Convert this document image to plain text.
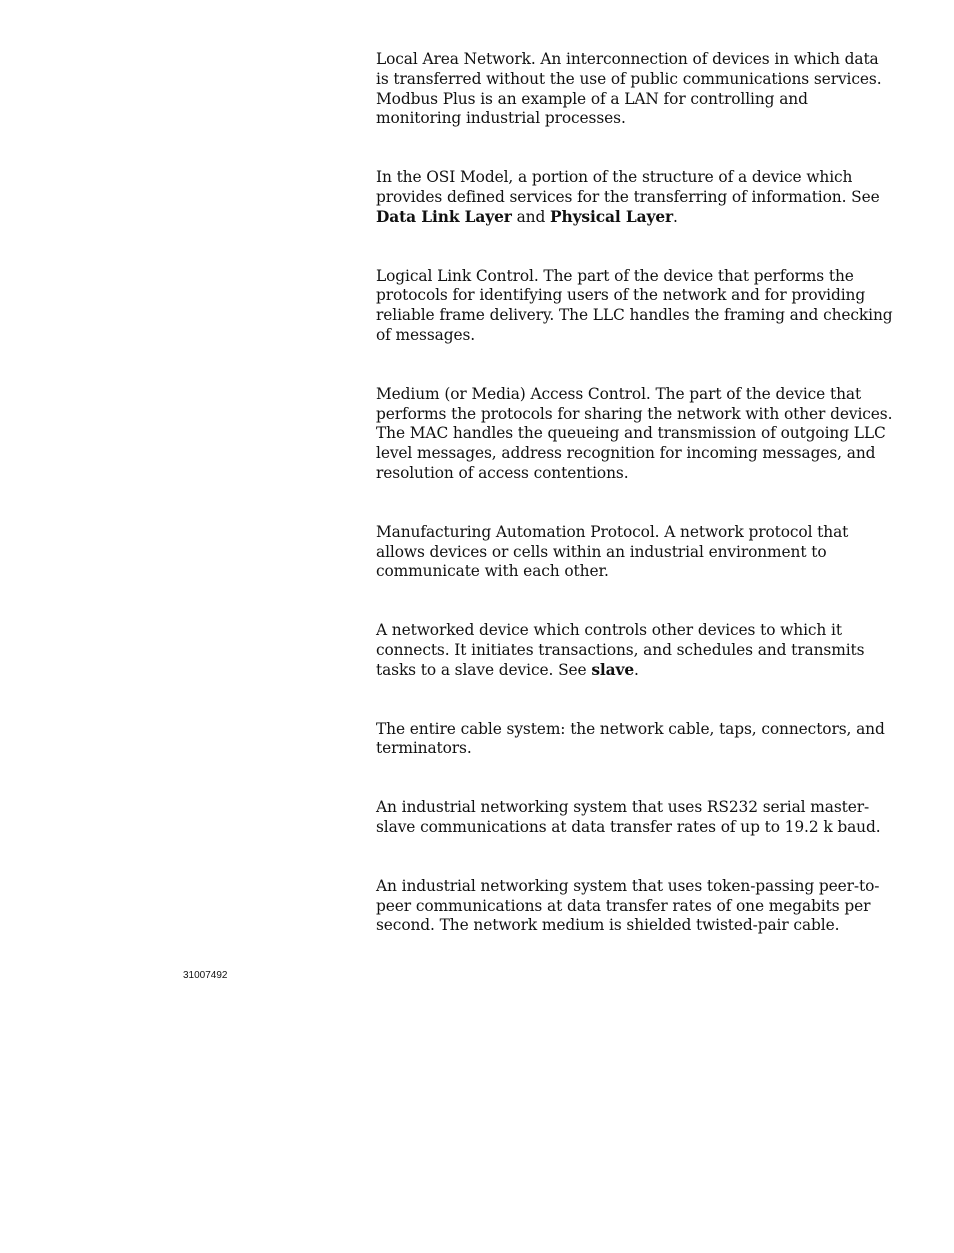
Local Area Network. An interconnection of devices in which data is transferred without the use of public communications services. Modbus Plus is an example of a LAN for controlling and monitoring industrial processes.
In the OSI Model, a portion of the structure of a device which provides defined services for the transferring of information. See Data Link Layer and Physical Layer.
Logical Link Control. The part of the device that performs the protocols for identifying users of the network and for providing reliable frame delivery. The LLC handles the framing and checking of messages.
Medium (or Media) Access Control. The part of the device that performs the protocols for sharing the network with other devices. The MAC handles the queueing and transmission of outgoing LLC level messages, address recognition for incoming messages, and resolution of access contentions.
Manufacturing Automation Protocol. A network protocol that allows devices or cells within an industrial environment to communicate with each other.
A networked device which controls other devices to which it connects. It initiates transactions, and schedules and transmits tasks to a slave device. See slave.
The entire cable system: the network cable, taps, connectors, and terminators.
An industrial networking system that uses RS232 serial master-slave communications at data transfer rates of up to 19.2 k baud.
An industrial networking system that uses token-passing peer-to-peer communications at data transfer rates of one megabits per second. The network medium is shielded twisted-pair cable.
31007492
